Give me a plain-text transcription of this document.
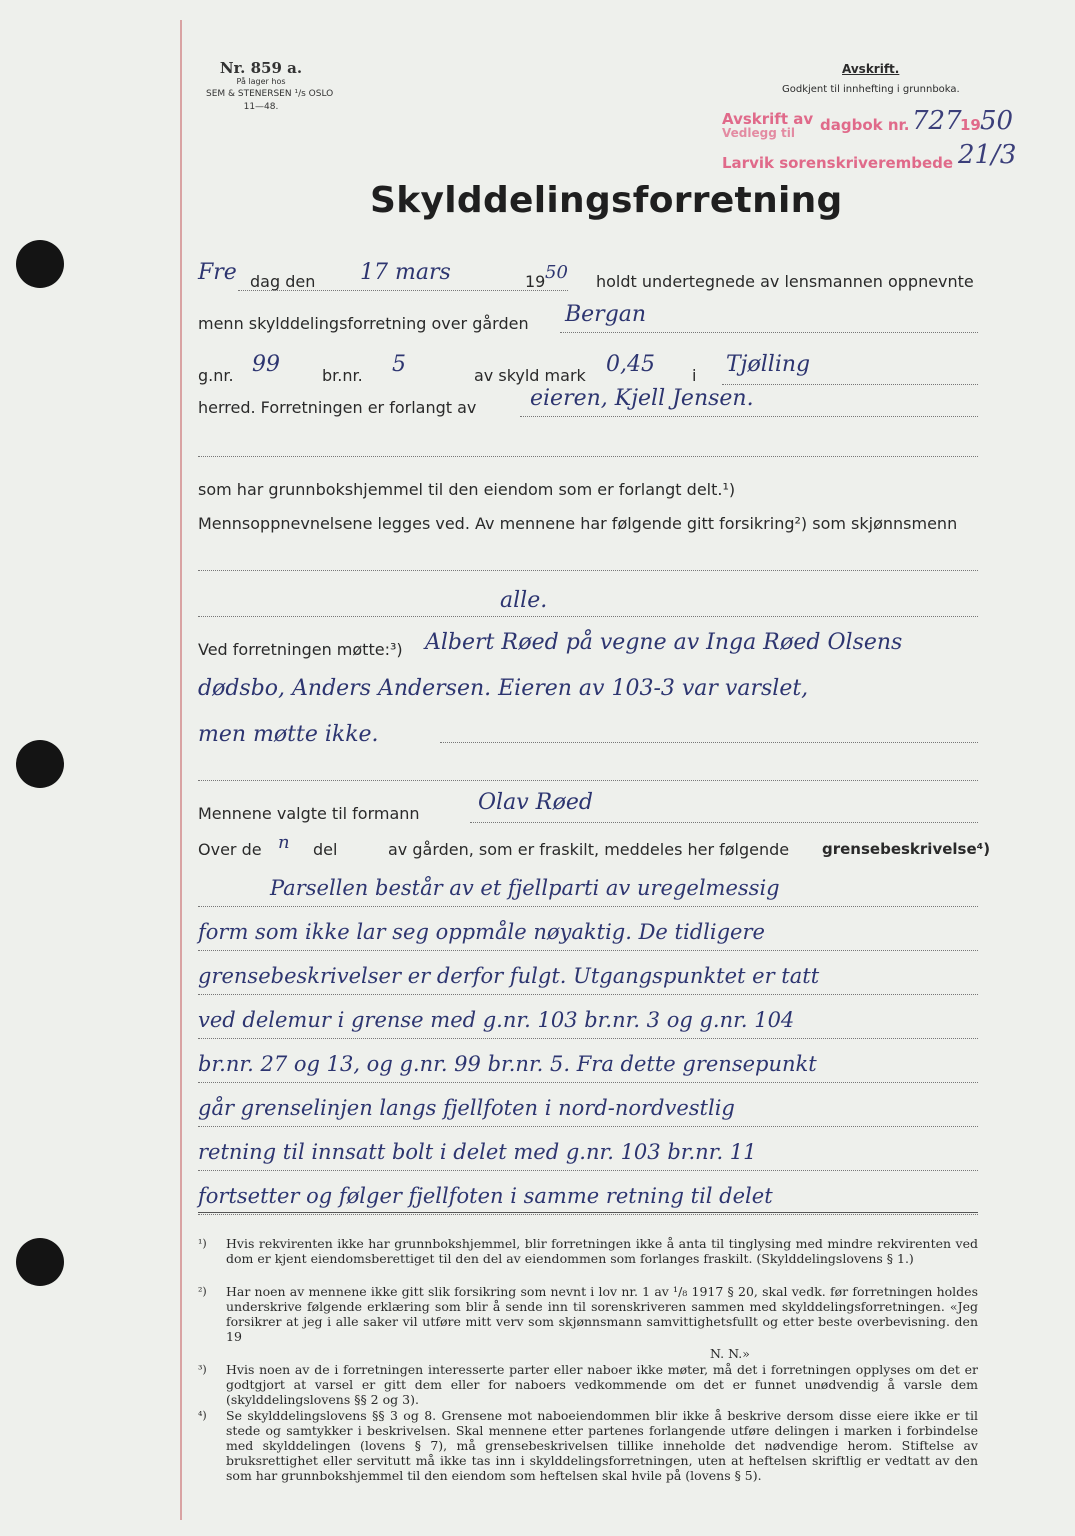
Nr. 859 a.
På lager hos
SEM & STENERSEN ¹/s OSLO
11—48.
Avskrift.
Godkjent til innhefting i grunnboka.
Avskrift av
Vedlegg til dagbok nr. 727
19 50
Larvik sorenskriverembede 21/3
Skylddelingsforretning
Fre dag den 17 mars	19 50 holdt undertegnede av lensmannen oppnevnte
menn skylddelingsforretning over gården Bergan
g.nr. 99	br.nr. 5	av skyld mark 0,45 i Tjølling
herred. Forretningen er forlangt av eieren, Kjell Jensen.
som har grunnbokshjemmel til den eiendom som er forlangt delt.¹)
Mennsoppnevnelsene legges ved. Av mennene har følgende gitt forsikring²) som skjønnsmenn
alle.
Ved forretningen møtte:³) Albert Røed på vegne av Inga Røed Olsens
dødsbo, Anders Andersen. Eieren av 103-3 var varslet,
men møtte ikke.
Mennene valgte til formann	Olav Røed
Over de n del	av gården, som er fraskilt, meddeles her følgende grensebeskrivelse⁴)
Parsellen består av et fjellparti av uregelmessig
form som ikke lar seg oppmåle nøyaktig. De tidligere
grensebeskrivelser er derfor fulgt. Utgangspunktet er tatt
ved delemur i grense med g.nr. 103 br.nr. 3 og g.nr. 104
br.nr. 27 og 13, og g.nr. 99 br.nr. 5. Fra dette grensepunkt
går grenselinjen langs fjellfoten i nord-nordvestlig
retning til innsatt bolt i delet med g.nr. 103 br.nr. 11
fortsetter og følger fjellfoten i samme retning til delet
¹) Hvis rekvirenten ikke har grunnbokshjemmel, blir forretningen ikke å anta til tinglysing med mindre rekvirenten ved dom er kjent eiendomsberettiget til den del av eiendommen som forlanges fraskilt. (Skylddelingslovens § 1.)
²) Har noen av mennene ikke gitt slik forsikring som nevnt i lov nr. 1 av ¹/₈ 1917 § 20, skal vedk. før forretningen holdes underskrive følgende erklæring som blir å sende inn til sorenskriveren sammen med skylddelingsforretningen. «Jeg forsikrer at jeg i alle saker vil utføre mitt verv som skjønnsmann samvittighetsfullt og etter beste overbevisning. den 19
N. N.»
³) Hvis noen av de i forretningen interesserte parter eller naboer ikke møter, må det i forretningen opplyses om det er godtgjort at varsel er gitt dem eller for naboers vedkommende om det er funnet unødvendig å varsle dem (skylddelingslovens §§ 2 og 3).
⁴) Se skylddelingslovens §§ 3 og 8. Grensene mot naboeiendommen blir ikke å beskrive dersom disse eiere ikke er til stede og samtykker i beskrivelsen. Skal mennene etter partenes forlangende utføre delingen i marken i forbindelse med skylddelingen (lovens § 7), må grensebeskrivelsen tillike inneholde det nødvendige herom. Stiftelse av bruksrettighet eller servitutt må ikke tas inn i skylddelingsforretningen, uten at heftelsen skriftlig er vedtatt av den som har grunnbokshjemmel til den eiendom som heftelsen skal hvile på (lovens § 5).
